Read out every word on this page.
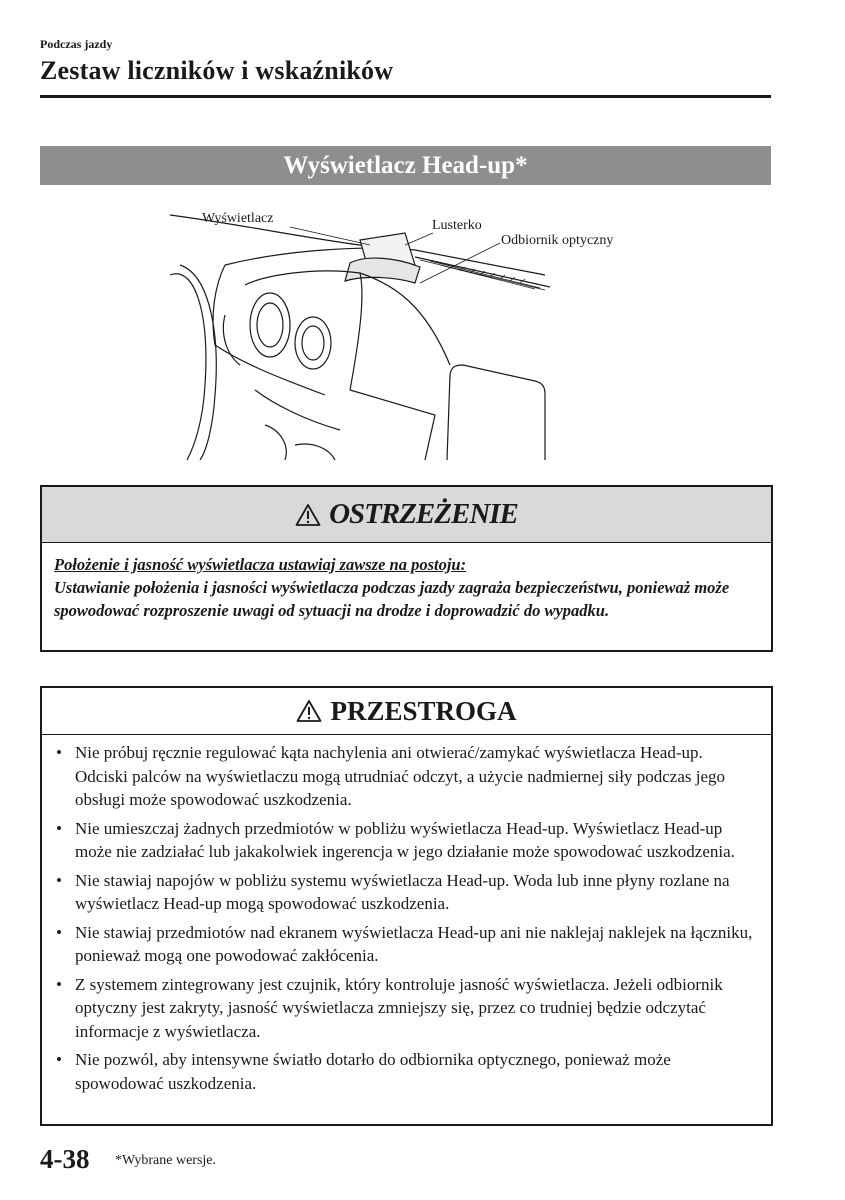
Podczas jazdy
Zestaw liczników i wskaźników
Wyświetlacz Head-up*
Wyświetlacz	Lusterko
Odbiornik optyczny
OSTRZEŻENIE
Położenie i jasność wyświetlacza ustawiaj zawsze na postoju:
Ustawianie położenia i jasności wyświetlacza podczas jazdy zagraża bezpieczeństwu, ponieważ może spowodować rozproszenie uwagi od sytuacji na drodze i doprowadzić do wypadku.
PRZESTROGA
• Nie próbuj ręcznie regulować kąta nachylenia ani otwierać/zamykać wyświetlacza Head-up. Odciski palców na wyświetlaczu mogą utrudniać odczyt, a użycie nadmiernej siły podczas jego obsługi może spowodować uszkodzenia.
• Nie umieszczaj żadnych przedmiotów w pobliżu wyświetlacza Head-up. Wyświetlacz Head-up może nie zadziałać lub jakakolwiek ingerencja w jego działanie może spowodować uszkodzenia.
• Nie stawiaj napojów w pobliżu systemu wyświetlacza Head-up. Woda lub inne płyny rozlane na wyświetlacz Head-up mogą spowodować uszkodzenia.
• Nie stawiaj przedmiotów nad ekranem wyświetlacza Head-up ani nie naklejaj naklejek na łączniku, ponieważ mogą one powodować zakłócenia.
• Z systemem zintegrowany jest czujnik, który kontroluje jasność wyświetlacza. Jeżeli odbiornik optyczny jest zakryty, jasność wyświetlacza zmniejszy się, przez co trudniej będzie odczytać informacje z wyświetlacza.
• Nie pozwól, aby intensywne światło dotarło do odbiornika optycznego, ponieważ może spowodować uszkodzenia.
4-38 *Wybrane wersje.
